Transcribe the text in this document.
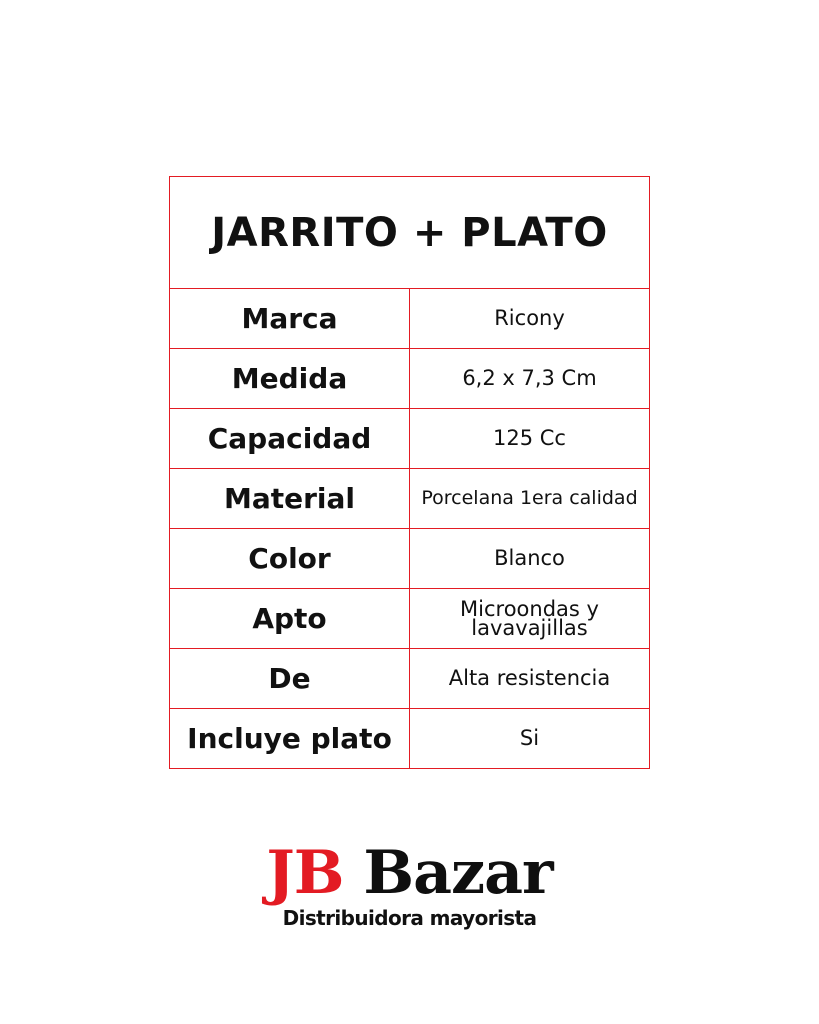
JARRITO + PLATO	
Marca	Ricony
Medida	6,2 x 7,3 Cm
Capacidad	125 Cc
Material	Porcelana 1era calidad
Color	Blanco
Apto	Microondas y
lavavajillas

De	Alta resistencia
Incluye plato	Si
JB Bazar
Distribuidora mayorista
